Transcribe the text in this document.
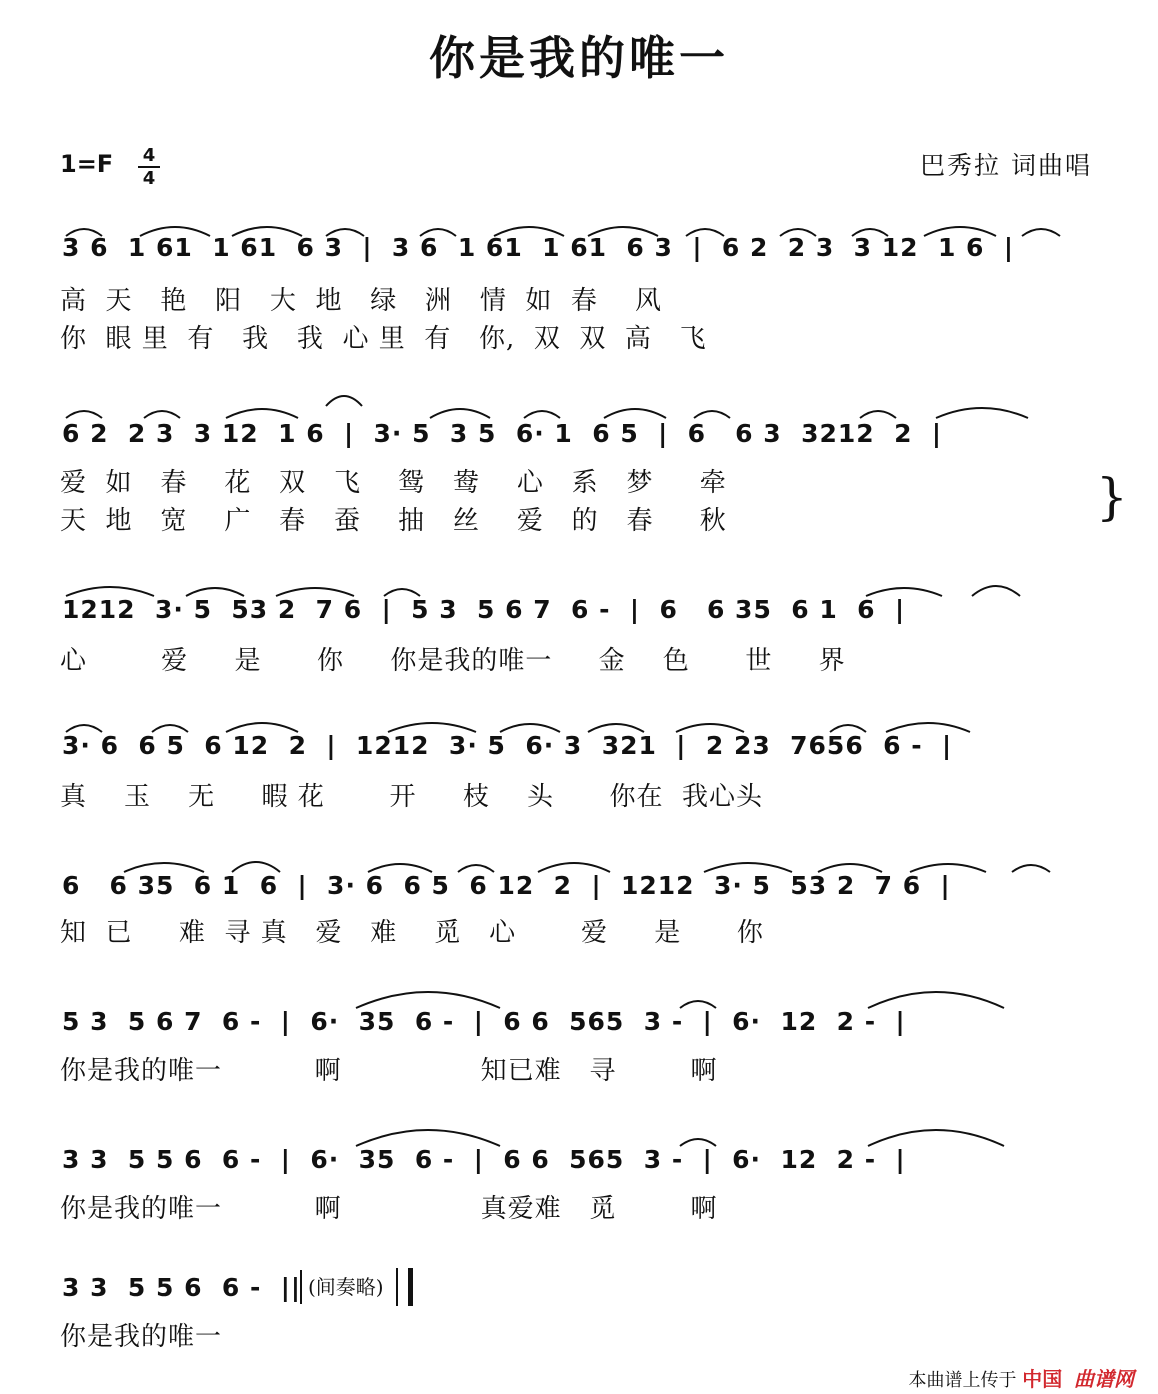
你是我的唯一
1=F 4
4	巴秀拉 词曲唱
3 6  1 61  1 61  6 3  |  3 6  1 61  1 61  6 3  |  6 2  2 3  3 12  1 6  |
高  天   艳   阳   大  地   绿   洲   情  如  春    风
你  眼 里  有   我   我  心 里  有   你,  双  双  高   飞
6 2  2 3  3 12  1 6  |  3· 5  3 5  6· 1  6 5  |  6   6 3  3212  2  |
爱  如   春    花   双   飞    鸳   鸯    心   系   梦     牵
天  地   宽    广   春   蚕    抽   丝    爱   的   春     秋	}
1212  3· 5  53 2  7 6  |  5 3  5 6 7  6 -  |  6   6 35  6 1  6  |
心        爱     是      你     你是我的唯一     金    色      世     界
3· 6  6 5  6 12  2  |  1212  3· 5  6· 3  321  |  2 23  7656  6 -  |
真    玉    无     暇 花       开     枝    头      你在  我心头
6   6 35  6 1  6  |  3· 6  6 5  6 12  2  |  1212  3· 5  53 2  7 6  |
知  已     难  寻 真   爱   难    觅   心       爱     是      你
5 3  5 6 7  6 -  |  6·  35  6 -  |  6 6  565  3 -  |  6·  12  2 -  |
你是我的唯一          啊               知已难   寻        啊
3 3  5 5 6  6 -  |  6·  35  6 -  |  6 6  565  3 -  |  6·  12  2 -  |
你是我的唯一          啊               真爱难   觅        啊
3 3  5 5 6  6 -  || (间奏略)
你是我的唯一
本曲谱上传于 中国 曲谱网
